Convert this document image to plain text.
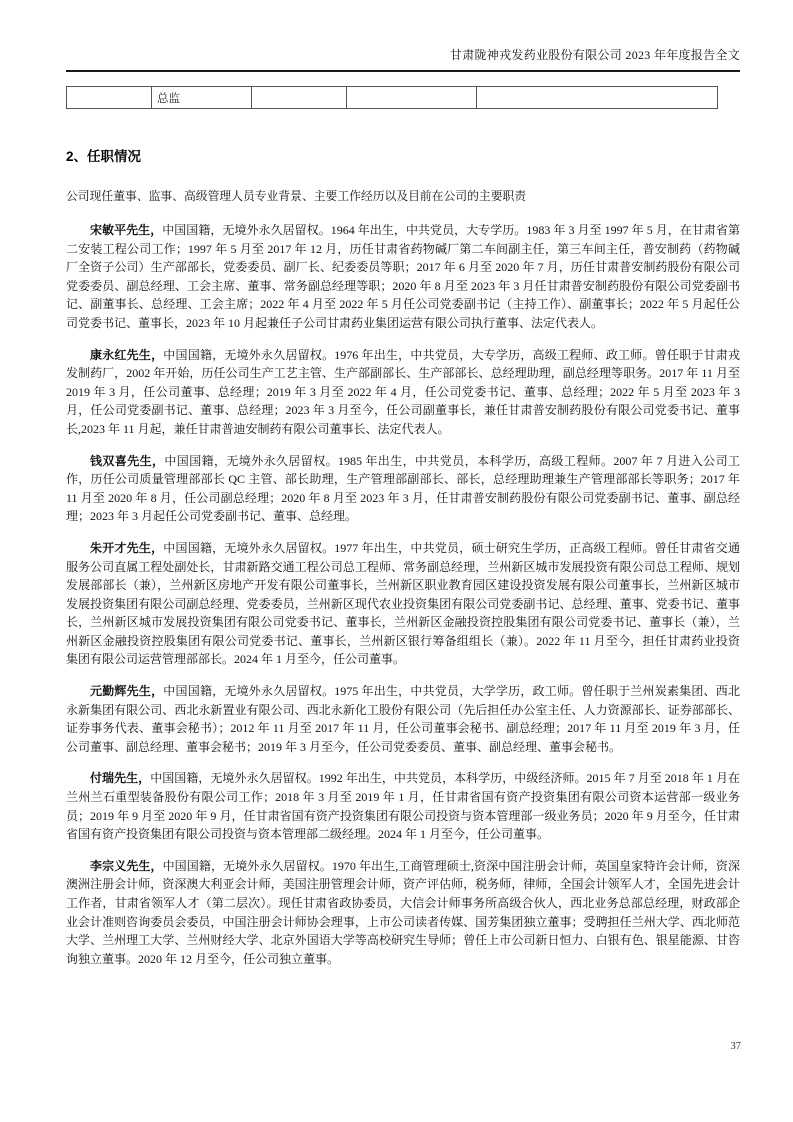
甘肃陇神戎发药业股份有限公司 2023 年年度报告全文
	总监			
2、任职情况
公司现任董事、监事、高级管理人员专业背景、主要工作经历以及目前在公司的主要职责

宋敏平先生，中国国籍，无境外永久居留权。1964 年出生，中共党员，大专学历。1983 年 3 月至 1997 年 5 月，在甘肃省第二安装工程公司工作；1997 年 5 月至 2017 年 12 月，历任甘肃省药物碱厂第二车间副主任，第三车间主任，普安制药（药物碱厂全资子公司）生产部部长，党委委员、副厂长、纪委委员等职；2017 年 6 月至 2020 年 7 月，历任甘肃普安制药股份有限公司党委委员、副总经理、工会主席、董事、常务副总经理等职；2020 年 8 月至 2023 年 3 月任甘肃普安制药股份有限公司党委副书记、副董事长、总经理、工会主席；2022 年 4 月至 2022 年 5 月任公司党委副书记（主持工作）、副董事长；2022 年 5 月起任公司党委书记、董事长，2023 年 10 月起兼任子公司甘肃药业集团运营有限公司执行董事、法定代表人。

康永红先生，中国国籍，无境外永久居留权。1976 年出生，中共党员，大专学历，高级工程师、政工师。曾任职于甘肃戎发制药厂，2002 年开始，历任公司生产工艺主管、生产部副部长、生产部部长、总经理助理，副总经理等职务。2017 年 11 月至 2019 年 3 月，任公司董事、总经理；2019 年 3 月至 2022 年 4 月，任公司党委书记、董事、总经理；2022 年 5 月至 2023 年 3 月，任公司党委副书记、董事、总经理；2023 年 3 月至今，任公司副董事长，兼任甘肃普安制药股份有限公司党委书记、董事长,2023 年 11 月起，兼任甘肃普迪安制药有限公司董事长、法定代表人。

钱双喜先生，中国国籍，无境外永久居留权。1985 年出生，中共党员，本科学历，高级工程师。2007 年 7 月进入公司工作，历任公司质量管理部部长 QC 主管、部长助理，生产管理部副部长、部长，总经理助理兼生产管理部部长等职务；2017 年 11 月至 2020 年 8 月，任公司副总经理；2020 年 8 月至 2023 年 3 月，任甘肃普安制药股份有限公司党委副书记、董事、副总经理；2023 年 3 月起任公司党委副书记、董事、总经理。

朱开才先生，中国国籍，无境外永久居留权。1977 年出生，中共党员，硕士研究生学历，正高级工程师。曾任甘肃省交通服务公司直属工程处副处长，甘肃新路交通工程公司总工程师、常务副总经理，兰州新区城市发展投资有限公司总工程师、规划发展部部长（兼），兰州新区房地产开发有限公司董事长，兰州新区职业教育园区建设投资发展有限公司董事长，兰州新区城市发展投资集团有限公司副总经理、党委委员，兰州新区现代农业投资集团有限公司党委副书记、总经理、董事、党委书记、董事长，兰州新区城市发展投资集团有限公司党委书记、董事长，兰州新区金融投资控股集团有限公司党委书记、董事长（兼），兰州新区金融投资控股集团有限公司党委书记、董事长，兰州新区银行筹备组组长（兼）。2022 年 11 月至今，担任甘肃药业投资集团有限公司运营管理部部长。2024 年 1 月至今，任公司董事。

元勤辉先生，中国国籍，无境外永久居留权。1975 年出生，中共党员，大学学历，政工师。曾任职于兰州炭素集团、西北永新集团有限公司、西北永新置业有限公司、西北永新化工股份有限公司（先后担任办公室主任、人力资源部长、证券部部长、证券事务代表、董事会秘书）；2012 年 11 月至 2017 年 11 月，任公司董事会秘书、副总经理；2017 年 11 月至 2019 年 3 月，任公司董事、副总经理、董事会秘书；2019 年 3 月至今，任公司党委委员、董事、副总经理、董事会秘书。

付瑞先生，中国国籍，无境外永久居留权。1992 年出生，中共党员，本科学历，中级经济师。2015 年 7 月至 2018 年 1 月在兰州兰石重型装备股份有限公司工作；2018 年 3 月至 2019 年 1 月，任甘肃省国有资产投资集团有限公司资本运营部一级业务员；2019 年 9 月至 2020 年 9 月，任甘肃省国有资产投资集团有限公司投资与资本管理部一级业务员；2020 年 9 月至今，任甘肃省国有资产投资集团有限公司投资与资本管理部二级经理。2024 年 1 月至今，任公司董事。

李宗义先生，中国国籍，无境外永久居留权。1970 年出生,工商管理硕士,资深中国注册会计师，英国皇家特许会计师，资深澳洲注册会计师，资深澳大利亚会计师，美国注册管理会计师，资产评估师，税务师，律师，全国会计领军人才，全国先进会计工作者，甘肃省领军人才（第二层次）。现任甘肃省政协委员，大信会计师事务所高级合伙人，西北业务总部总经理，财政部企业会计准则咨询委员会委员，中国注册会计师协会理事，上市公司读者传媒、国芳集团独立董事；受聘担任兰州大学、西北师范大学、兰州理工大学、兰州财经大学、北京外国语大学等高校研究生导师；曾任上市公司新日恒力、白银有色、银星能源、甘咨询独立董事。2020 年 12 月至今，任公司独立董事。

37
